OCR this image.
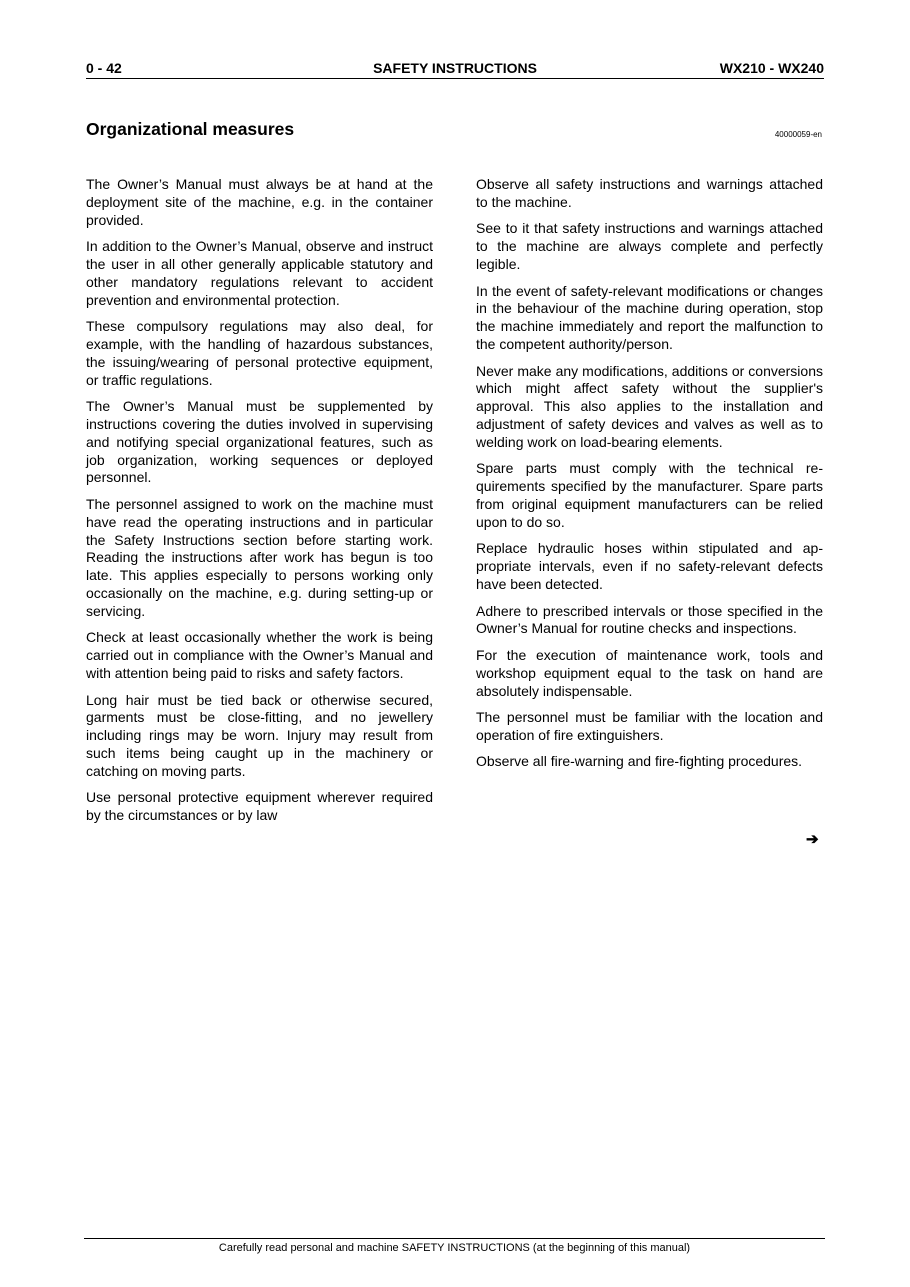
0 - 42	SAFETY INSTRUCTIONS	WX210 - WX240
Organizational measures	40000059-en

The Owner’s Manual must always be at hand at the deployment site of the machine, e.g. in the container provided.

In addition to the Owner’s Manual, observe and instruct the user in all other generally applicable statutory and other mandatory regulations relevant to accident prevention and environmental protection.

These compulsory regulations may also deal, for example, with the handling of hazardous substances, the issuing/wearing of personal protective equipment, or traffic regulations.

The Owner’s Manual must be supplemented by instructions covering the duties involved in supervising and notifying special organizational features, such as job organization, working sequences or deployed personnel.

The personnel assigned to work on the machine must have read the operating instructions and in particular the Safety Instructions section before starting work. Reading the instructions after work has begun is too late. This applies especially to persons working only occasionally on the machine, e.g. during setting-up or servicing.

Check at least occasionally whether the work is being carried out in compliance with the Owner’s Manual and with attention being paid to risks and safety factors.

Long hair must be tied back or otherwise secured, garments must be close-fitting, and no jewellery including rings may be worn. Injury may result from such items being caught up in the machinery or catching on moving parts.

Use personal protective equipment wherever required by the circumstances or by law

Observe all safety instructions and warnings attached to the machine.

See to it that safety instructions and warnings attached to the machine are always complete and perfectly legible.

In the event of safety-relevant modifications or changes in the behaviour of the machine during operation, stop the machine immediately and report the malfunction to the competent authority/person.

Never make any modifications, additions or conversions which might affect safety without the supplier's approval. This also applies to the installation and adjustment of safety devices and valves as well as to welding work on load-bearing elements.

Spare parts must comply with the technical requirements specified by the manufacturer. Spare parts from original equipment manufacturers can be relied upon to do so.

Replace hydraulic hoses within stipulated and appropriate intervals, even if no safety-relevant defects have been detected.

Adhere to prescribed intervals or those specified in the Owner’s Manual for routine checks and inspections.

For the execution of maintenance work, tools and workshop equipment equal to the task on hand are absolutely indispensable.

The personnel must be familiar with the location and operation of fire extinguishers.

Observe all fire-warning and fire-fighting procedures.

➔
Carefully read personal and machine SAFETY INSTRUCTIONS (at the beginning of this manual)
